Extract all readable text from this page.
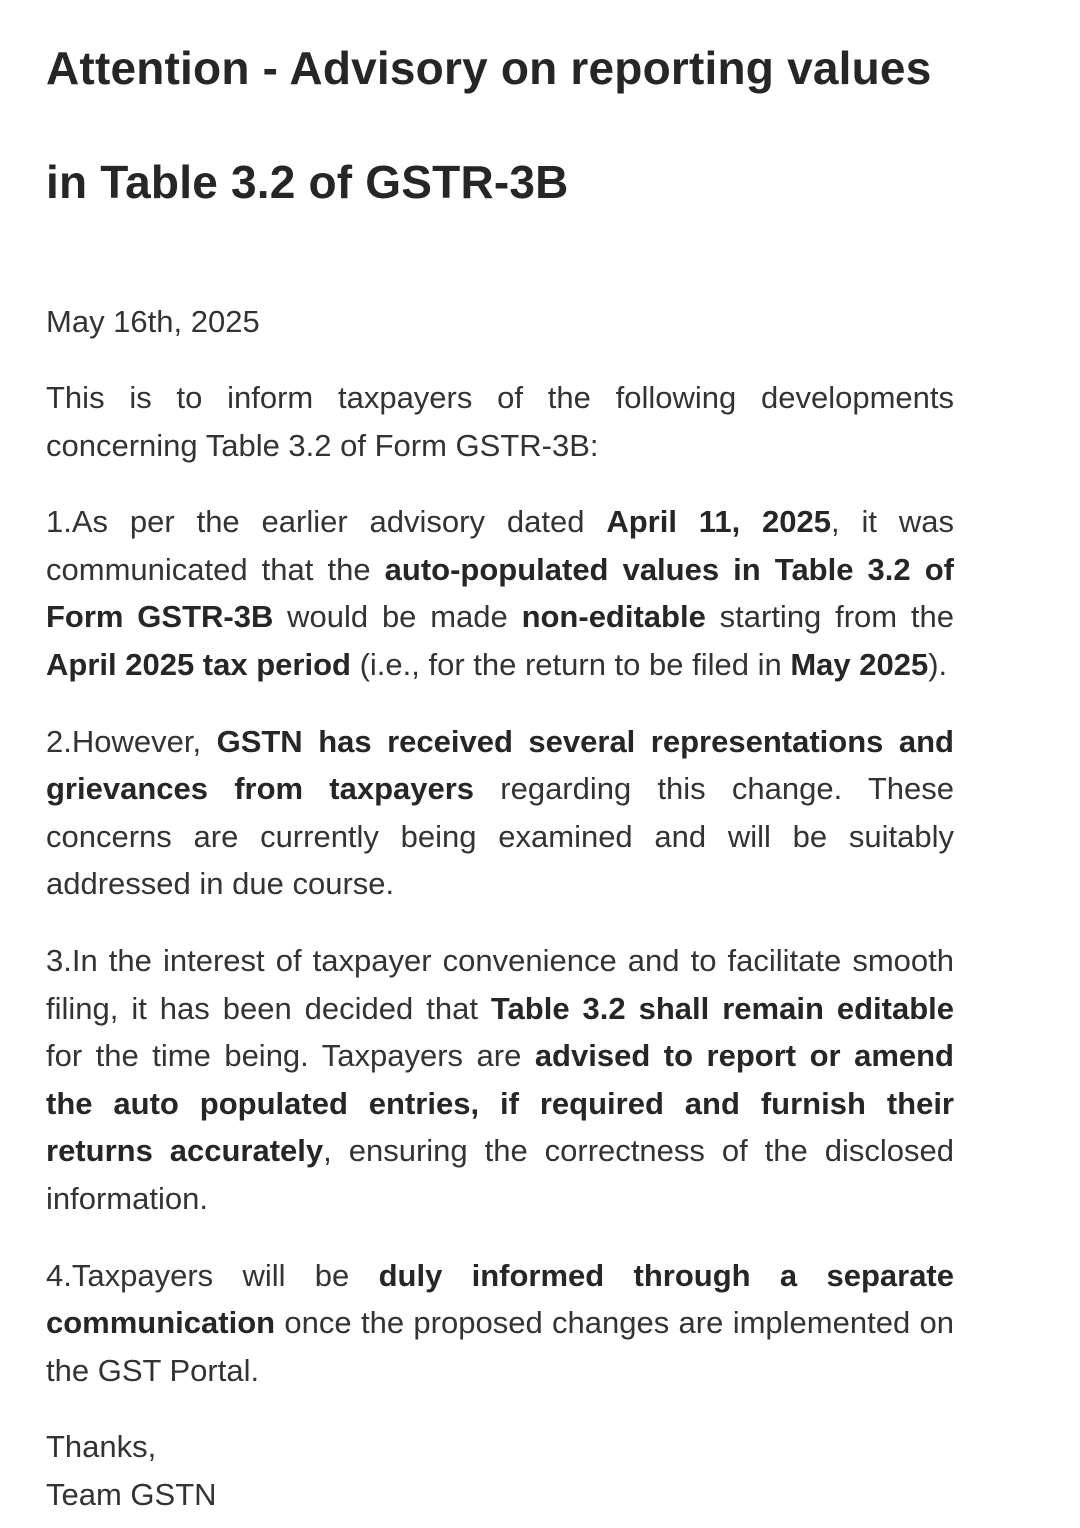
Attention - Advisory on reporting values
in Table 3.2 of GSTR-3B

May 16th, 2025

This is to inform taxpayers of the following developments concerning Table 3.2 of Form GSTR-3B:

1.As per the earlier advisory dated April 11, 2025, it was communicated that the auto-populated values in Table 3.2 of Form GSTR-3B would be made non-editable starting from the April 2025 tax period (i.e., for the return to be filed in May 2025).

2.However, GSTN has received several representations and grievances from taxpayers regarding this change. These concerns are currently being examined and will be suitably addressed in due course.

3.In the interest of taxpayer convenience and to facilitate smooth filing, it has been decided that Table 3.2 shall remain editable for the time being. Taxpayers are advised to report or amend the auto populated entries, if required and furnish their returns accurately, ensuring the correctness of the disclosed information.

4.Taxpayers will be duly informed through a separate communication once the proposed changes are implemented on the GST Portal.

Thanks,
Team GSTN
